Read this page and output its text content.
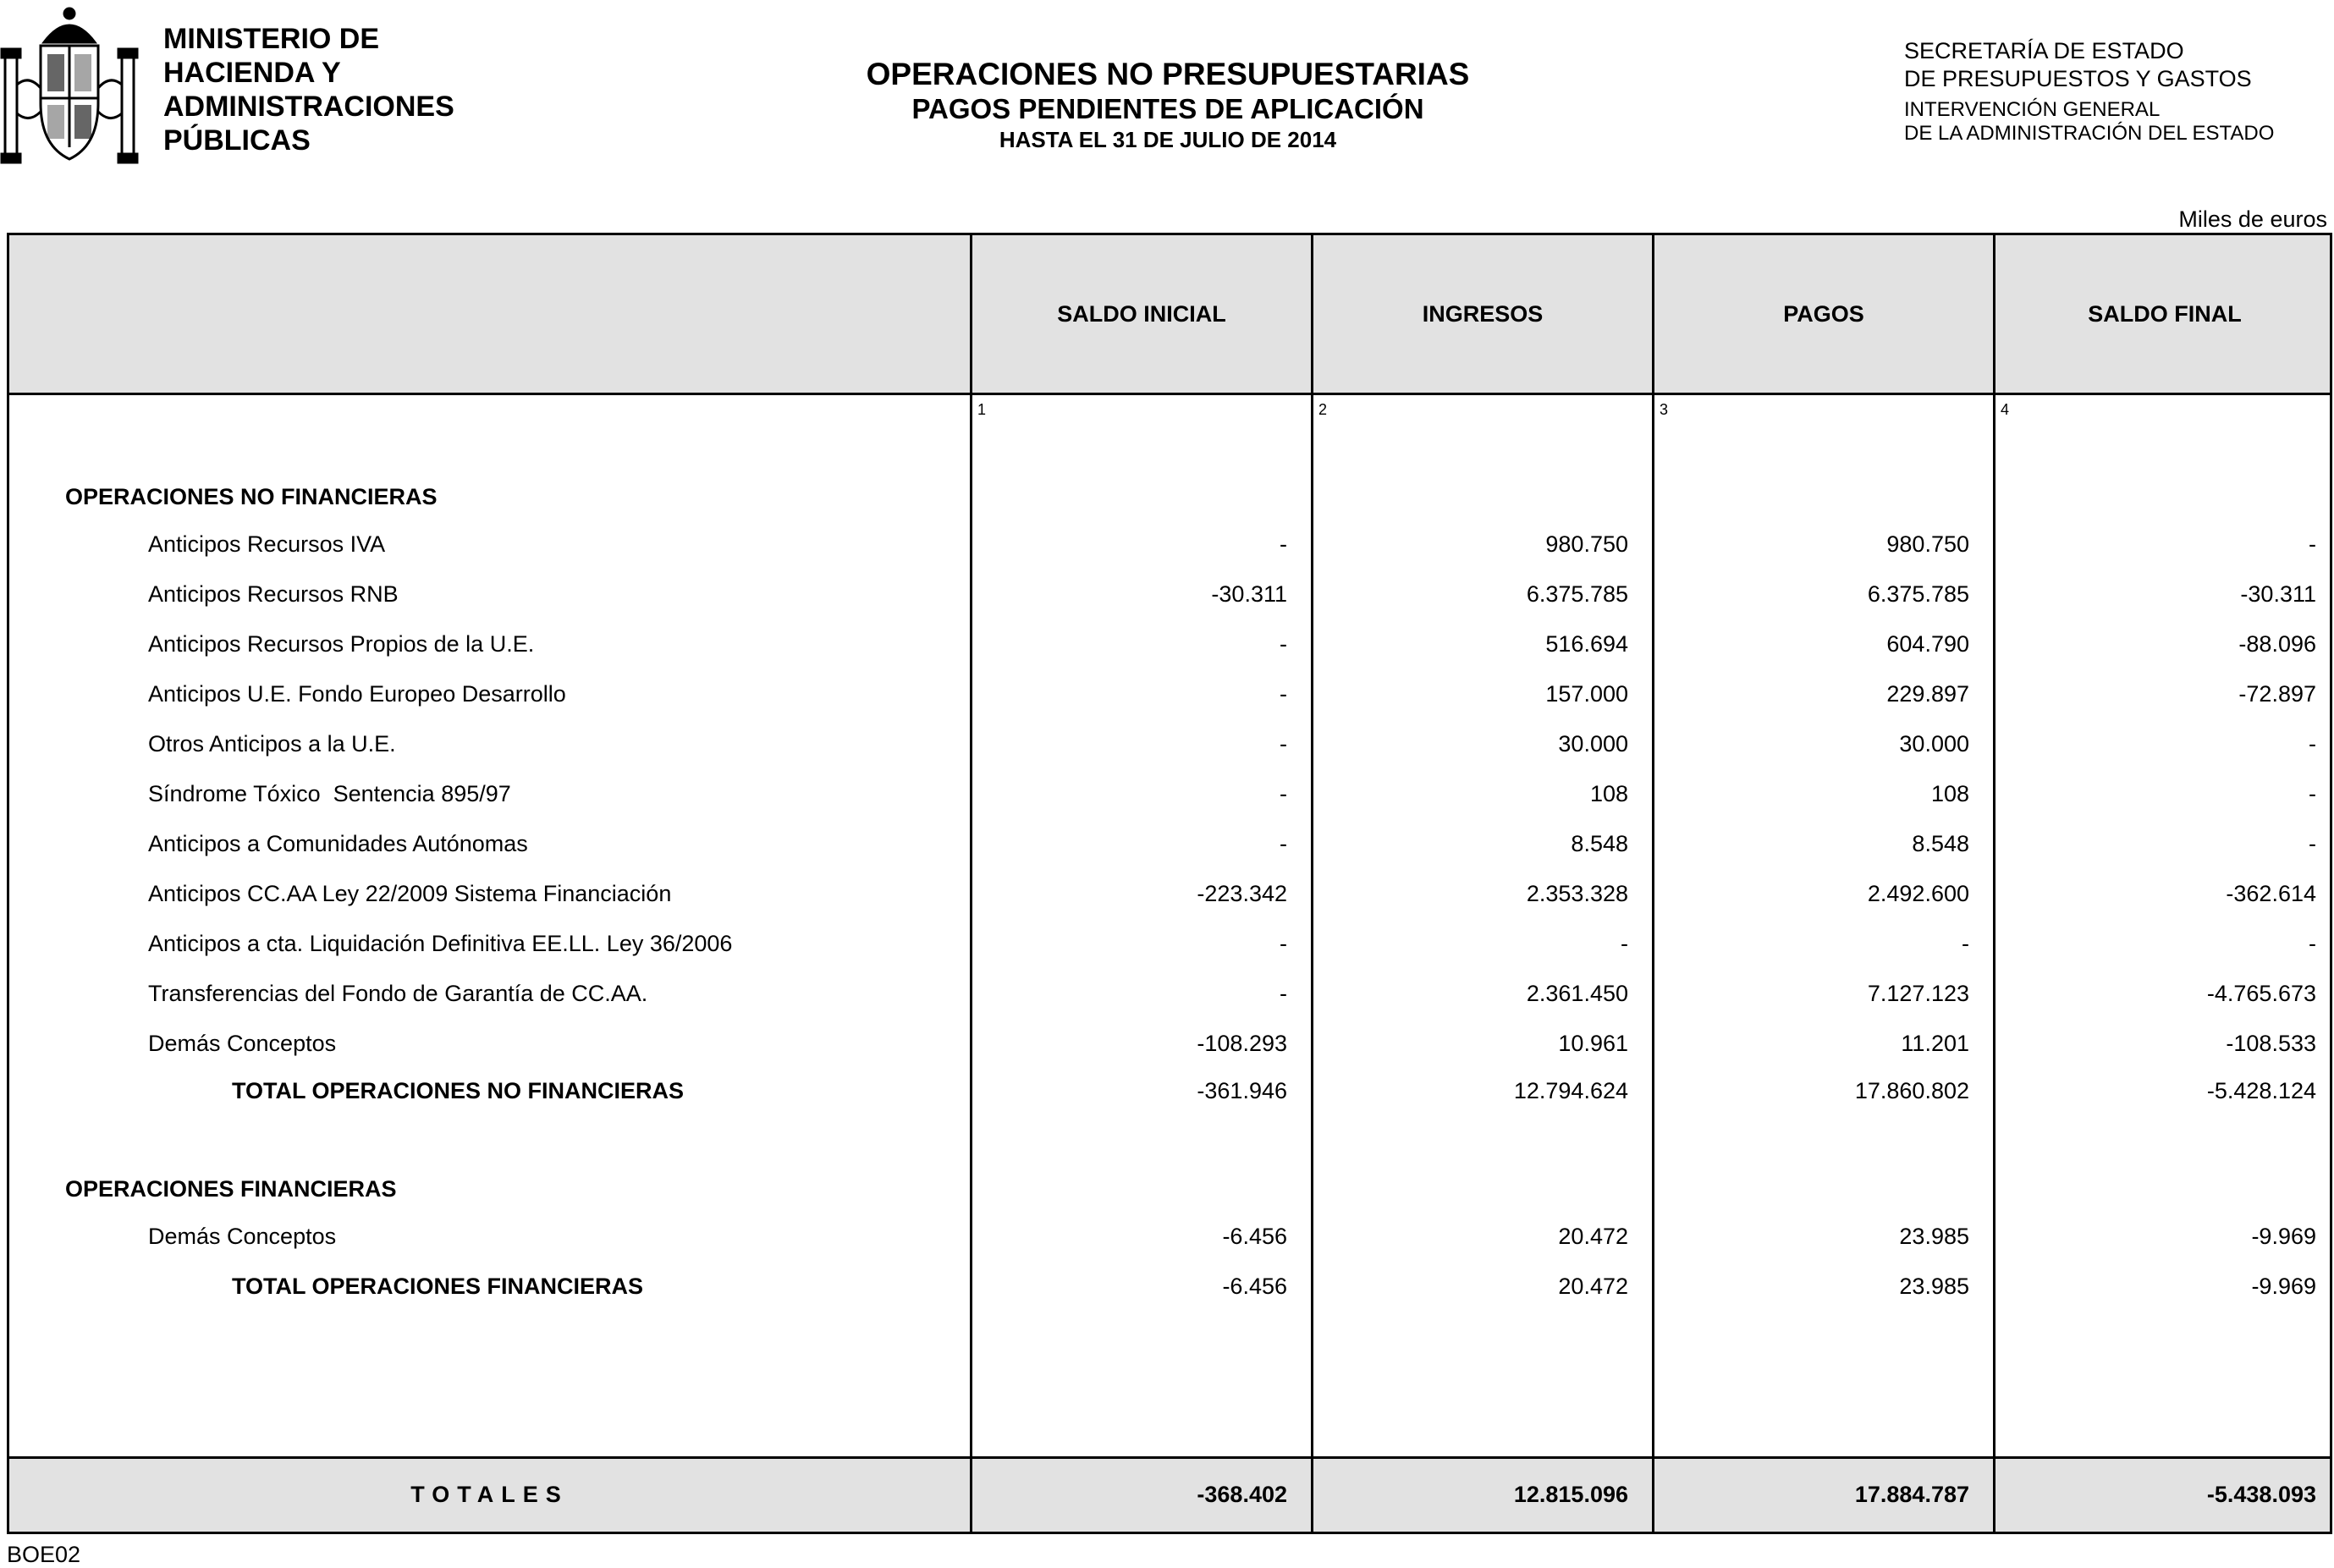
MINISTERIO DE
HACIENDA Y
ADMINISTRACIONES
PÚBLICAS
OPERACIONES NO PRESUPUESTARIAS
PAGOS PENDIENTES DE APLICACIÓN
HASTA EL 31 DE JULIO DE 2014
SECRETARÍA DE ESTADO
DE PRESUPUESTOS Y GASTOS
INTERVENCIÓN GENERAL
DE LA ADMINISTRACIÓN DEL ESTADO
Miles de euros
SALDO INICIAL	INGRESOS	PAGOS	SALDO FINAL
1	2	3	4
OPERACIONES NO FINANCIERAS
Anticipos Recursos IVA	-	980.750	980.750	-
Anticipos Recursos RNB	-30.311	6.375.785	6.375.785	-30.311
Anticipos Recursos Propios de la U.E.	-	516.694	604.790	-88.096
Anticipos U.E. Fondo Europeo Desarrollo	-	157.000	229.897	-72.897
Otros Anticipos a la U.E.	-	30.000	30.000	-
Síndrome Tóxico  Sentencia 895/97	-	108	108	-
Anticipos a Comunidades Autónomas	-	8.548	8.548	-
Anticipos CC.AA Ley 22/2009 Sistema Financiación	-223.342	2.353.328	2.492.600	-362.614
Anticipos a cta. Liquidación Definitiva EE.LL. Ley 36/2006	-	-	-	-
Transferencias del Fondo de Garantía de CC.AA.	-	2.361.450	7.127.123	-4.765.673
Demás Conceptos	-108.293	10.961	11.201	-108.533
TOTAL OPERACIONES NO FINANCIERAS	-361.946	12.794.624	17.860.802	-5.428.124
OPERACIONES FINANCIERAS
Demás Conceptos	-6.456	20.472	23.985	-9.969
TOTAL OPERACIONES FINANCIERAS	-6.456	20.472	23.985	-9.969
TOTALES	-368.402	12.815.096	17.884.787	-5.438.093
BOE02
